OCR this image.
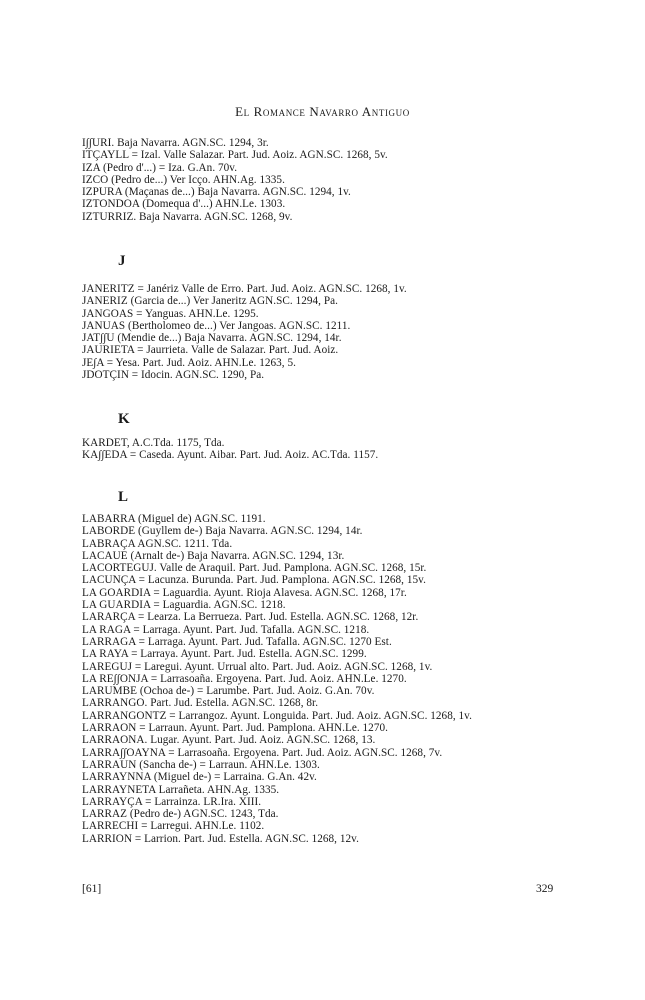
El Romance Navarro Antiguo
I∫∫URI. Baja Navarra. AGN.SC. 1294, 3r.
ITÇAYLL = Izal. Valle Salazar. Part. Jud. Aoiz. AGN.SC. 1268, 5v.
IZA (Pedro d'...) = Iza. G.An. 70v.
IZCO (Pedro de...) Ver Icço. AHN.Ag. 1335.
IZPURA (Maçanas de...) Baja Navarra. AGN.SC. 1294, 1v.
IZTONDOA (Domequa d'...) AHN.Le. 1303.
IZTURRIZ. Baja Navarra. AGN.SC. 1268, 9v.
J
JANERITZ = Janériz Valle de Erro. Part. Jud. Aoiz. AGN.SC. 1268, 1v.
JANERIZ (Garcia de...) Ver Janeritz AGN.SC. 1294, Pa.
JANGOAS = Yanguas. AHN.Le. 1295.
JANUAS (Bertholomeo de...) Ver Jangoas. AGN.SC. 1211.
JAT∫∫U (Mendie de...) Baja Navarra. AGN.SC. 1294, 14r.
JAURIETA = Jaurrieta. Valle de Salazar. Part. Jud. Aoiz.
JE∫A = Yesa. Part. Jud. Aoiz. AHN.Le. 1263, 5.
JDOTÇIN = Idocin. AGN.SC. 1290, Pa.
K
KARDET, A.C.Tda. 1175, Tda.
KA∫∫EDA = Caseda. Ayunt. Aibar. Part. Jud. Aoiz. AC.Tda. 1157.
L
LABARRA (Miguel de) AGN.SC. 1191.
LABORDE (Guyllem de-) Baja Navarra. AGN.SC. 1294, 14r.
LABRAÇA AGN.SC. 1211. Tda.
LACAUE (Arnalt de-) Baja Navarra. AGN.SC. 1294, 13r.
LACORTEGUJ. Valle de Araquil. Part. Jud. Pamplona. AGN.SC. 1268, 15r.
LACUNÇA = Lacunza. Burunda. Part. Jud. Pamplona. AGN.SC. 1268, 15v.
LA GOARDIA = Laguardia. Ayunt. Rioja Alavesa. AGN.SC. 1268, 17r.
LA GUARDIA = Laguardia. AGN.SC. 1218.
LARARÇA = Learza. La Berrueza. Part. Jud. Estella. AGN.SC. 1268, 12r.
LA RAGA = Larraga. Ayunt. Part. Jud. Tafalla. AGN.SC. 1218.
LARRAGA = Larraga. Ayunt. Part. Jud. Tafalla. AGN.SC. 1270 Est.
LA RAYA = Larraya. Ayunt. Part. Jud. Estella. AGN.SC. 1299.
LAREGUJ = Laregui. Ayunt. Urrual alto. Part. Jud. Aoiz. AGN.SC. 1268, 1v.
LA RE∫∫ONJA = Larrasoaña. Ergoyena. Part. Jud. Aoiz. AHN.Le. 1270.
LARUMBE (Ochoa de-) = Larumbe. Part. Jud. Aoiz. G.An. 70v.
LARRANGO. Part. Jud. Estella. AGN.SC. 1268, 8r.
LARRANGONTZ = Larrangoz. Ayunt. Longuida. Part. Jud. Aoiz. AGN.SC. 1268, 1v.
LARRAON = Larraun. Ayunt. Part. Jud. Pamplona. AHN.Le. 1270.
LARRAONA. Lugar. Ayunt. Part. Jud. Aoiz. AGN.SC. 1268, 13.
LARRA∫∫OAYNA = Larrasoaña. Ergoyena. Part. Jud. Aoiz. AGN.SC. 1268, 7v.
LARRAUN (Sancha de-) = Larraun. AHN.Le. 1303.
LARRAYNNA (Miguel de-) = Larraina. G.An. 42v.
LARRAYNETA Larrañeta. AHN.Ag. 1335.
LARRAYÇA = Larrainza. LR.Ira. XIII.
LARRAZ (Pedro de-) AGN.SC. 1243, Tda.
LARRECHI = Larregui. AHN.Le. 1102.
LARRION = Larrion. Part. Jud. Estella. AGN.SC. 1268, 12v.
[61]	329
